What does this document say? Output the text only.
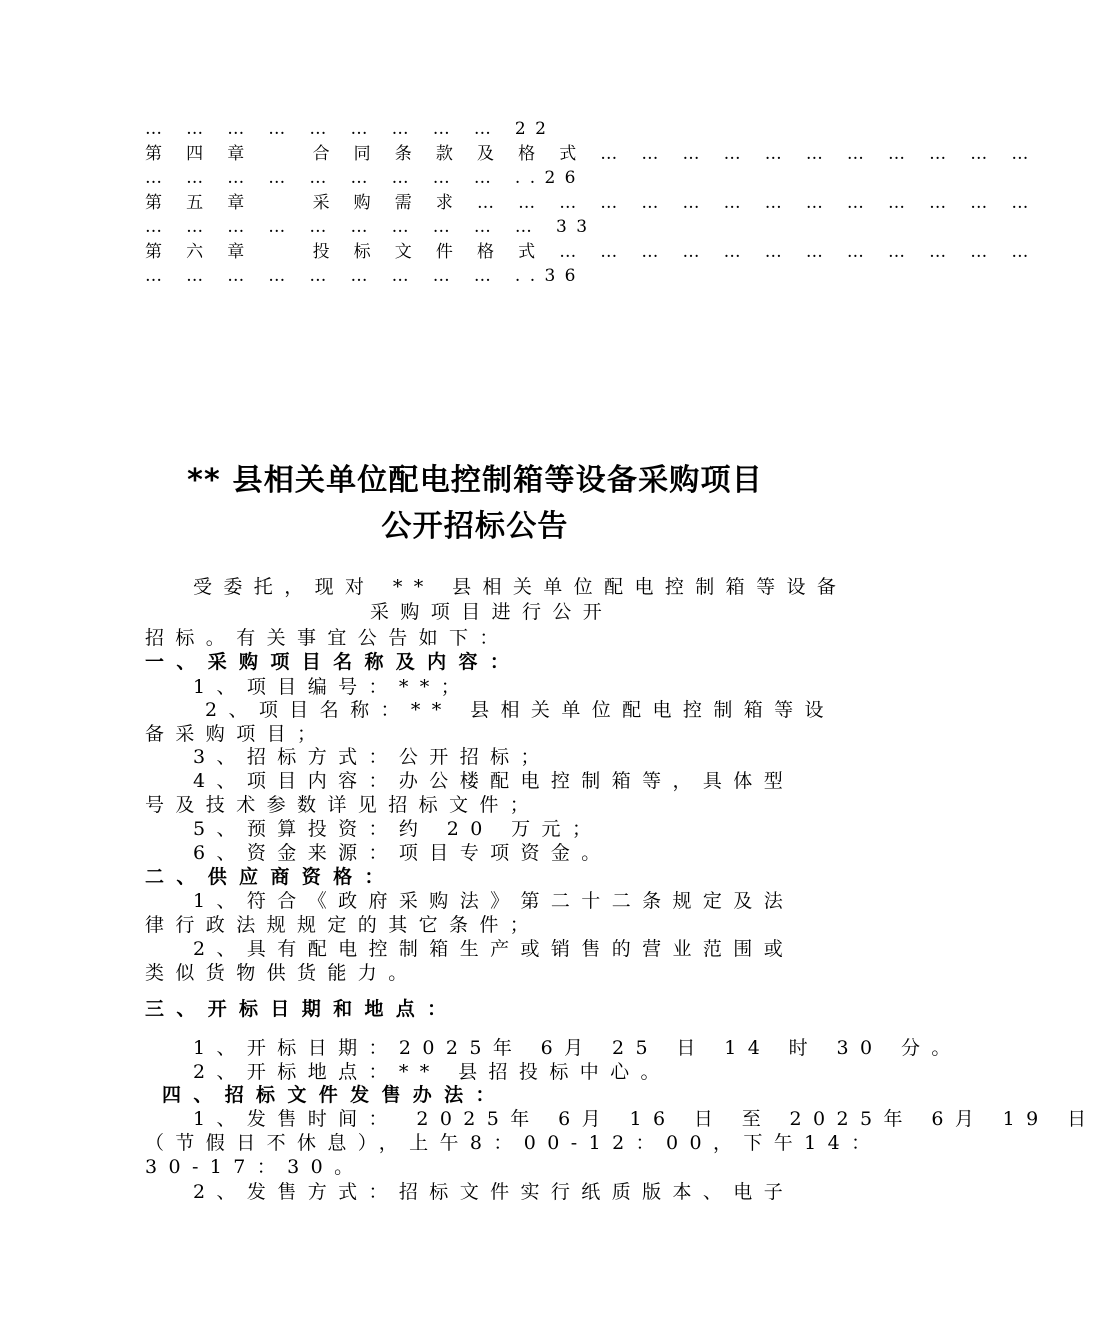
… … … … … … … … … 22
第 四 章    合 同 条 款 及 格 式 … … … … … … … … … … …
… … … … … … … … … ..26
第 五 章    采 购 需 求 … … … … … … … … … … … … … …
… … … … … … … … … … 33
第 六 章    投 标 文 件 格 式 … … … … … … … … … … … …
… … … … … … … … … ..36
** 县相关单位配电控制箱等设备采购项目
公开招标公告
受委托，现对 ** 县相关单位配电控制箱等设备
采购项目进行公开
招标。有关事宜公告如下：
一、采购项目名称及内容：
1、项目编号：**；
2、项目名称：** 县相关单位配电控制箱等设
备采购项目；
3、招标方式：公开招标；
4、项目内容：办公楼配电控制箱等，具体型
号及技术参数详见招标文件；
5、预算投资：约 20 万元；
6、资金来源：项目专项资金。
二、供应商资格：
1、符合《政府采购法》第二十二条规定及法
律行政法规规定的其它条件；
2、具有配电控制箱生产或销售的营业范围或
类似货物供货能力。
三、开标日期和地点：
1、开标日期：2025年 6月 25 日 14 时 30 分。
2、开标地点：** 县招投标中心。
四、招标文件发售办法：
1、发售时间： 2025年 6月 16 日 至 2025年 6月 19 日
（节假日不休息），上午8：00-12：00，下午14：
30-17：30。
2、发售方式：招标文件实行纸质版本、电子
